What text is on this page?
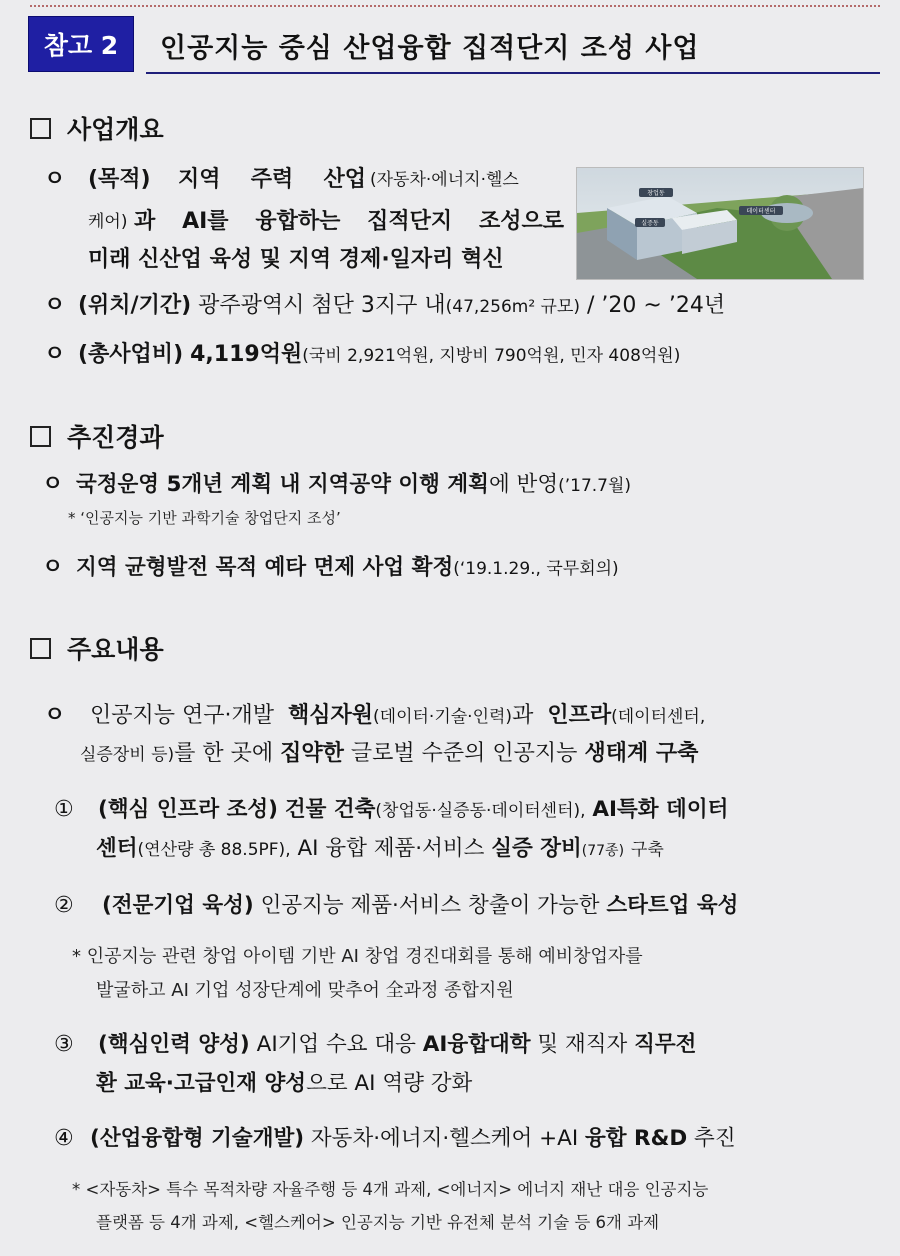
참고 2	인공지능 중심 산업융합 집적단지 조성 사업
사업개요
ㅇ (목적)	지역 주력 산업 (자동차·에너지·헬스
케어) 과 AI를 융합하는 집적단지 조성으로
미래 신산업 육성 및 지역 경제·일자리 혁신
창업동
실증동
데이터센터
ㅇ (위치/기간) 광주광역시 첨단 3지구 내(47,256m² 규모) / ’20 ~ ’24년
ㅇ (총사업비) 4,119억원(국비 2,921억원, 지방비 790억원, 민자 408억원)
추진경과
ㅇ 국정운영 5개년 계획 내 지역공약 이행 계획에 반영(’17.7월)
* ‘인공지능 기반 과학기술 창업단지 조성’
ㅇ 지역 균형발전 목적 예타 면제 사업 확정(‘19.1.29., 국무회의)
주요내용
ㅇ 인공지능 연구·개발 핵심자원(데이터·기술·인력)과 인프라(데이터센터,
실증장비 등)를 한 곳에 집약한 글로벌 수준의 인공지능 생태계 구축
① (핵심 인프라 조성) 건물 건축(창업동·실증동·데이터센터), AI특화 데이터
센터(연산량 총 88.5PF), AI 융합 제품·서비스 실증 장비(77종) 구축
② (전문기업 육성) 인공지능 제품·서비스 창출이 가능한 스타트업 육성
* 인공지능 관련 창업 아이템 기반 AI 창업 경진대회를 통해 예비창업자를
발굴하고 AI 기업 성장단계에 맞추어 全과정 종합지원
③ (핵심인력 양성) AI기업 수요 대응 AI융합대학 및 재직자 직무전
환 교육·고급인재 양성으로 AI 역량 강화
④ (산업융합형 기술개발) 자동차·에너지·헬스케어 +AI 융합 R&D 추진
* <자동차> 특수 목적차량 자율주행 등 4개 과제, <에너지> 에너지 재난 대응 인공지능
플랫폼 등 4개 과제, <헬스케어> 인공지능 기반 유전체 분석 기술 등 6개 과제
